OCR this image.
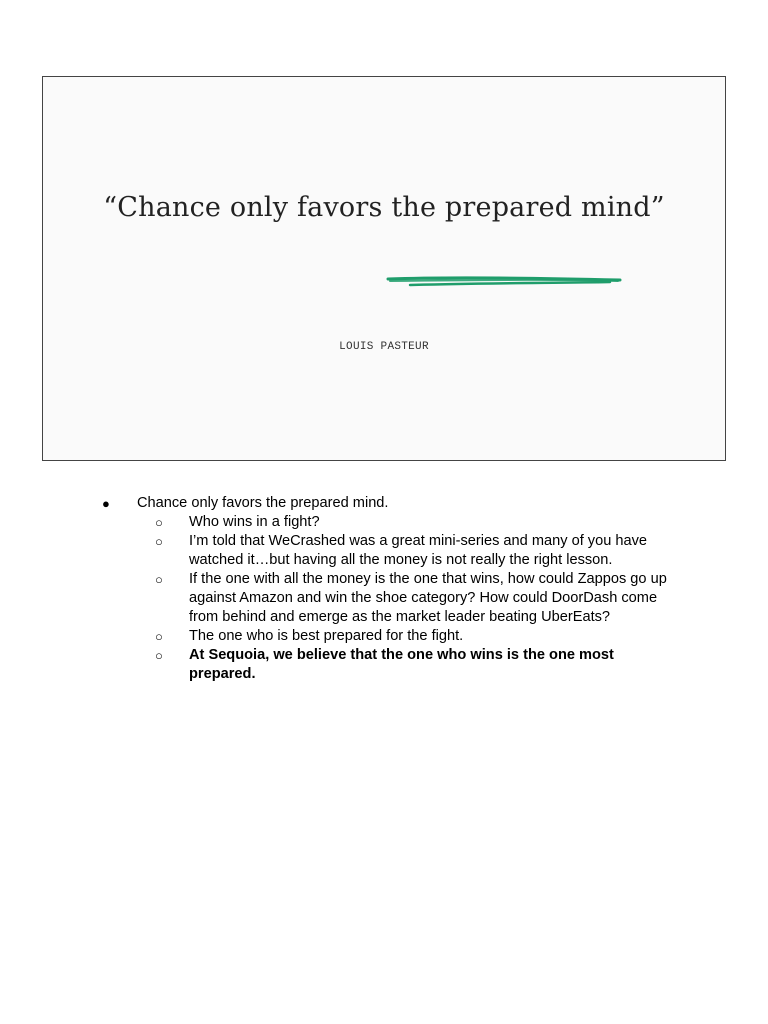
“Chance only favors the prepared mind”
LOUIS PASTEUR
● Chance only favors the prepared mind.
○ Who wins in a fight?
○ I’m told that WeCrashed was a great mini-series and many of you have watched it…but having all the money is not really the right lesson.
○ If the one with all the money is the one that wins, how could Zappos go up against Amazon and win the shoe category? How could DoorDash come from behind and emerge as the market leader beating UberEats?
○ The one who is best prepared for the fight.
○ At Sequoia, we believe that the one who wins is the one most prepared.
